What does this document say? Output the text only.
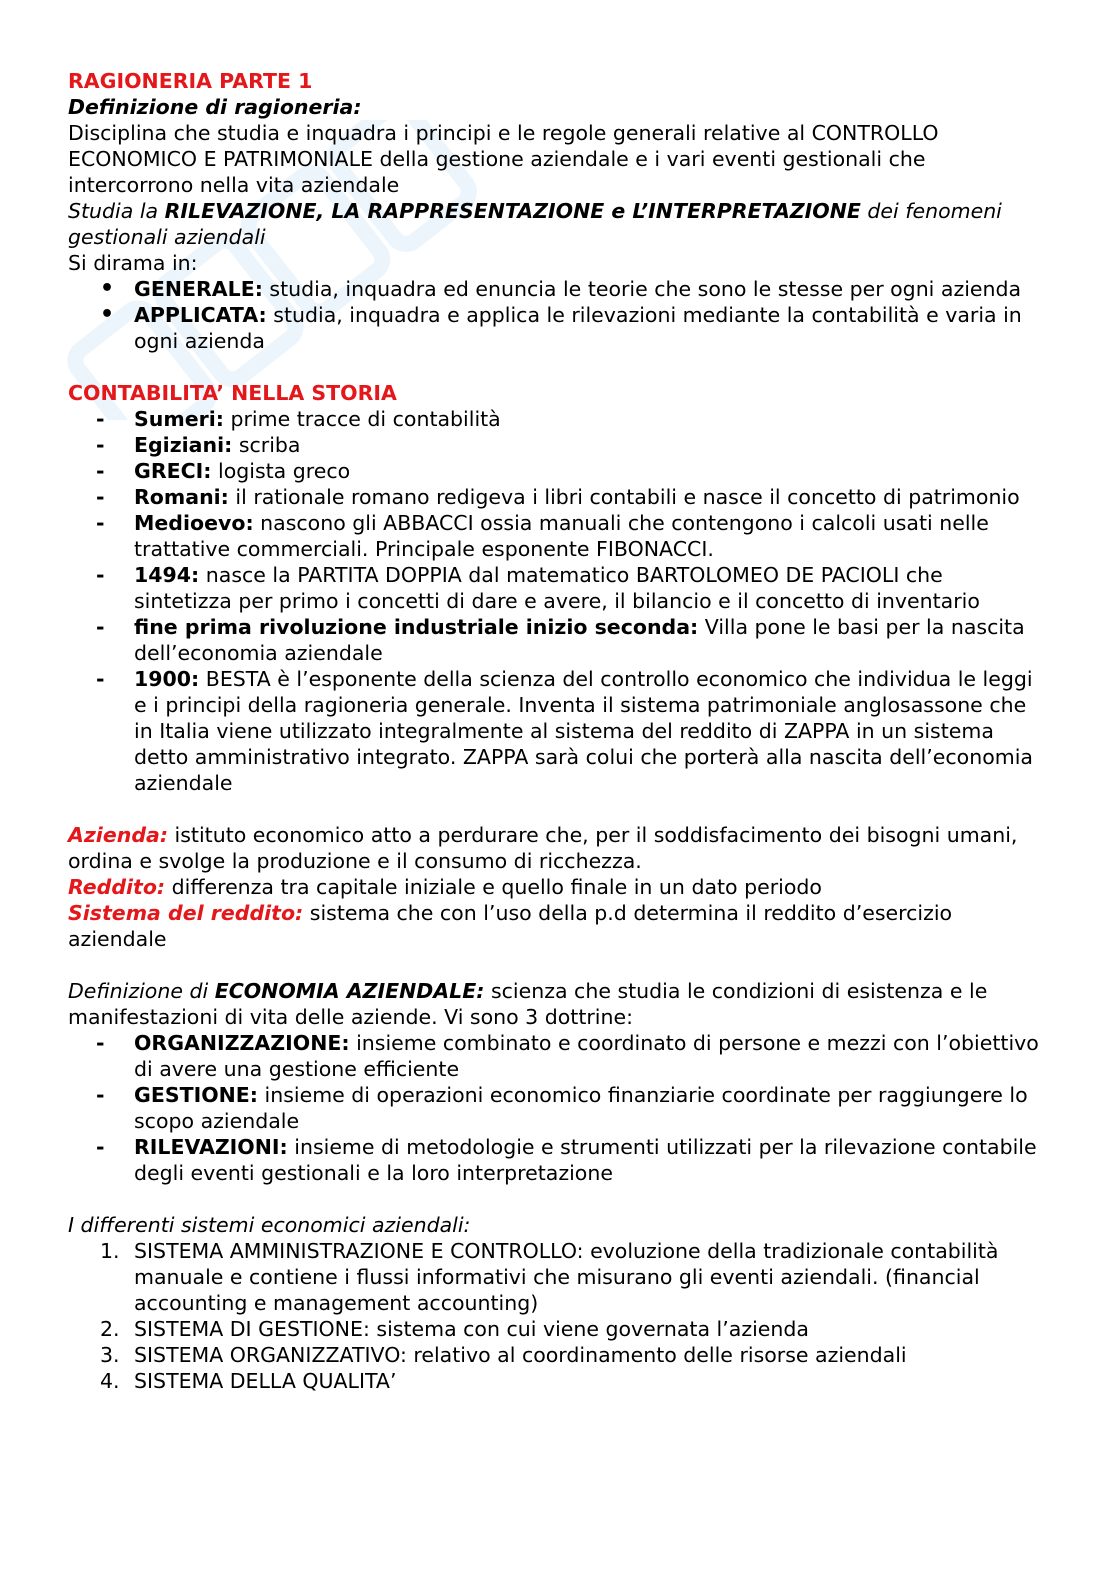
RAGIONERIA PARTE 1
Definizione di ragioneria:
Disciplina che studia e inquadra i principi e le regole generali relative al CONTROLLO ECONOMICO E PATRIMONIALE della gestione aziendale e i vari eventi gestionali che intercorrono nella vita aziendale
Studia la RILEVAZIONE, LA RAPPRESENTAZIONE e L’INTERPRETAZIONE dei fenomeni gestionali aziendali
Si dirama in:
• GENERALE: studia, inquadra ed enuncia le teorie che sono le stesse per ogni azienda
• APPLICATA: studia, inquadra e applica le rilevazioni mediante la contabilità e varia in ogni azienda
CONTABILITA’ NELLA STORIA
- Sumeri: prime tracce di contabilità
- Egiziani: scriba
- GRECI: logista greco
- Romani: il rationale romano redigeva i libri contabili e nasce il concetto di patrimonio
- Medioevo: nascono gli ABBACCI ossia manuali che contengono i calcoli usati nelle trattative commerciali. Principale esponente FIBONACCI.
- 1494: nasce la PARTITA DOPPIA dal matematico BARTOLOMEO DE PACIOLI che sintetizza per primo i concetti di dare e avere, il bilancio e il concetto di inventario
- fine prima rivoluzione industriale inizio seconda: Villa pone le basi per la nascita dell’economia aziendale
- 1900: BESTA è l’esponente della scienza del controllo economico che individua le leggi e i principi della ragioneria generale. Inventa il sistema patrimoniale anglosassone che in Italia viene utilizzato integralmente al sistema del reddito di ZAPPA in un sistema detto amministrativo integrato. ZAPPA sarà colui che porterà alla nascita dell’economia aziendale
Azienda: istituto economico atto a perdurare che, per il soddisfacimento dei bisogni umani, ordina e svolge la produzione e il consumo di ricchezza.
Reddito: differenza tra capitale iniziale e quello finale in un dato periodo
Sistema del reddito: sistema che con l’uso della p.d determina il reddito d’esercizio aziendale
Definizione di ECONOMIA AZIENDALE: scienza che studia le condizioni di esistenza e le manifestazioni di vita delle aziende. Vi sono 3 dottrine:
- ORGANIZZAZIONE: insieme combinato e coordinato di persone e mezzi con l’obiettivo di avere una gestione efficiente
- GESTIONE: insieme di operazioni economico finanziarie coordinate per raggiungere lo scopo aziendale
- RILEVAZIONI: insieme di metodologie e strumenti utilizzati per la rilevazione contabile degli eventi gestionali e la loro interpretazione
I differenti sistemi economici aziendali:
1. SISTEMA AMMINISTRAZIONE E CONTROLLO: evoluzione della tradizionale contabilità manuale e contiene i flussi informativi che misurano gli eventi aziendali. (financial accounting e management accounting)
2. SISTEMA DI GESTIONE: sistema con cui viene governata l’azienda
3. SISTEMA ORGANIZZATIVO: relativo al coordinamento delle risorse aziendali
4. SISTEMA DELLA QUALITA’
